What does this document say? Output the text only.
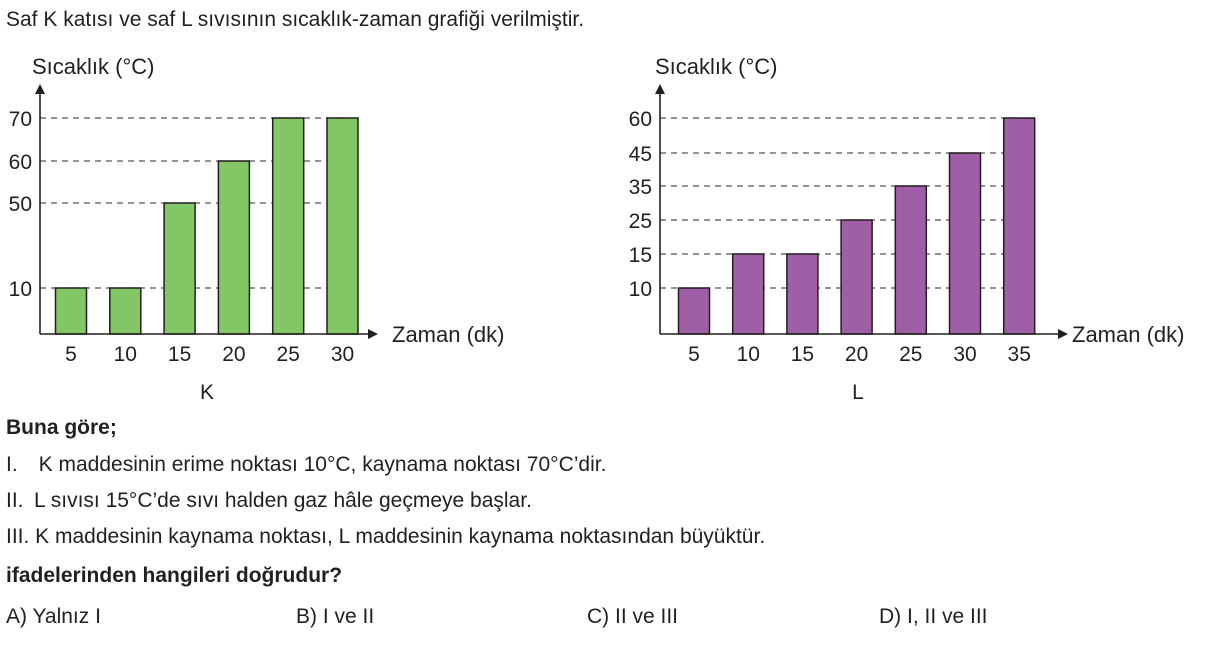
Saf K katısı ve saf L sıvısının sıcaklık-zaman grafiği verilmiştir.
10
50
60
70
5 10 15 20 25 30
Sıcaklık (°C)
Zaman (dk)
K
10
15
25
35
45
60
5 10 15 20 25 30 35
Sıcaklık (°C)
Zaman (dk)
L
Buna göre;
I. K maddesinin erime noktası 10°C, kaynama noktası 70°C’dir.
II. L sıvısı 15°C’de sıvı halden gaz hâle geçmeye başlar.
III. K maddesinin kaynama noktası, L maddesinin kaynama noktasından büyüktür.
ifadelerinden hangileri doğrudur?
A) Yalnız I	B) I ve II	C) II ve III	D) I, II ve III
